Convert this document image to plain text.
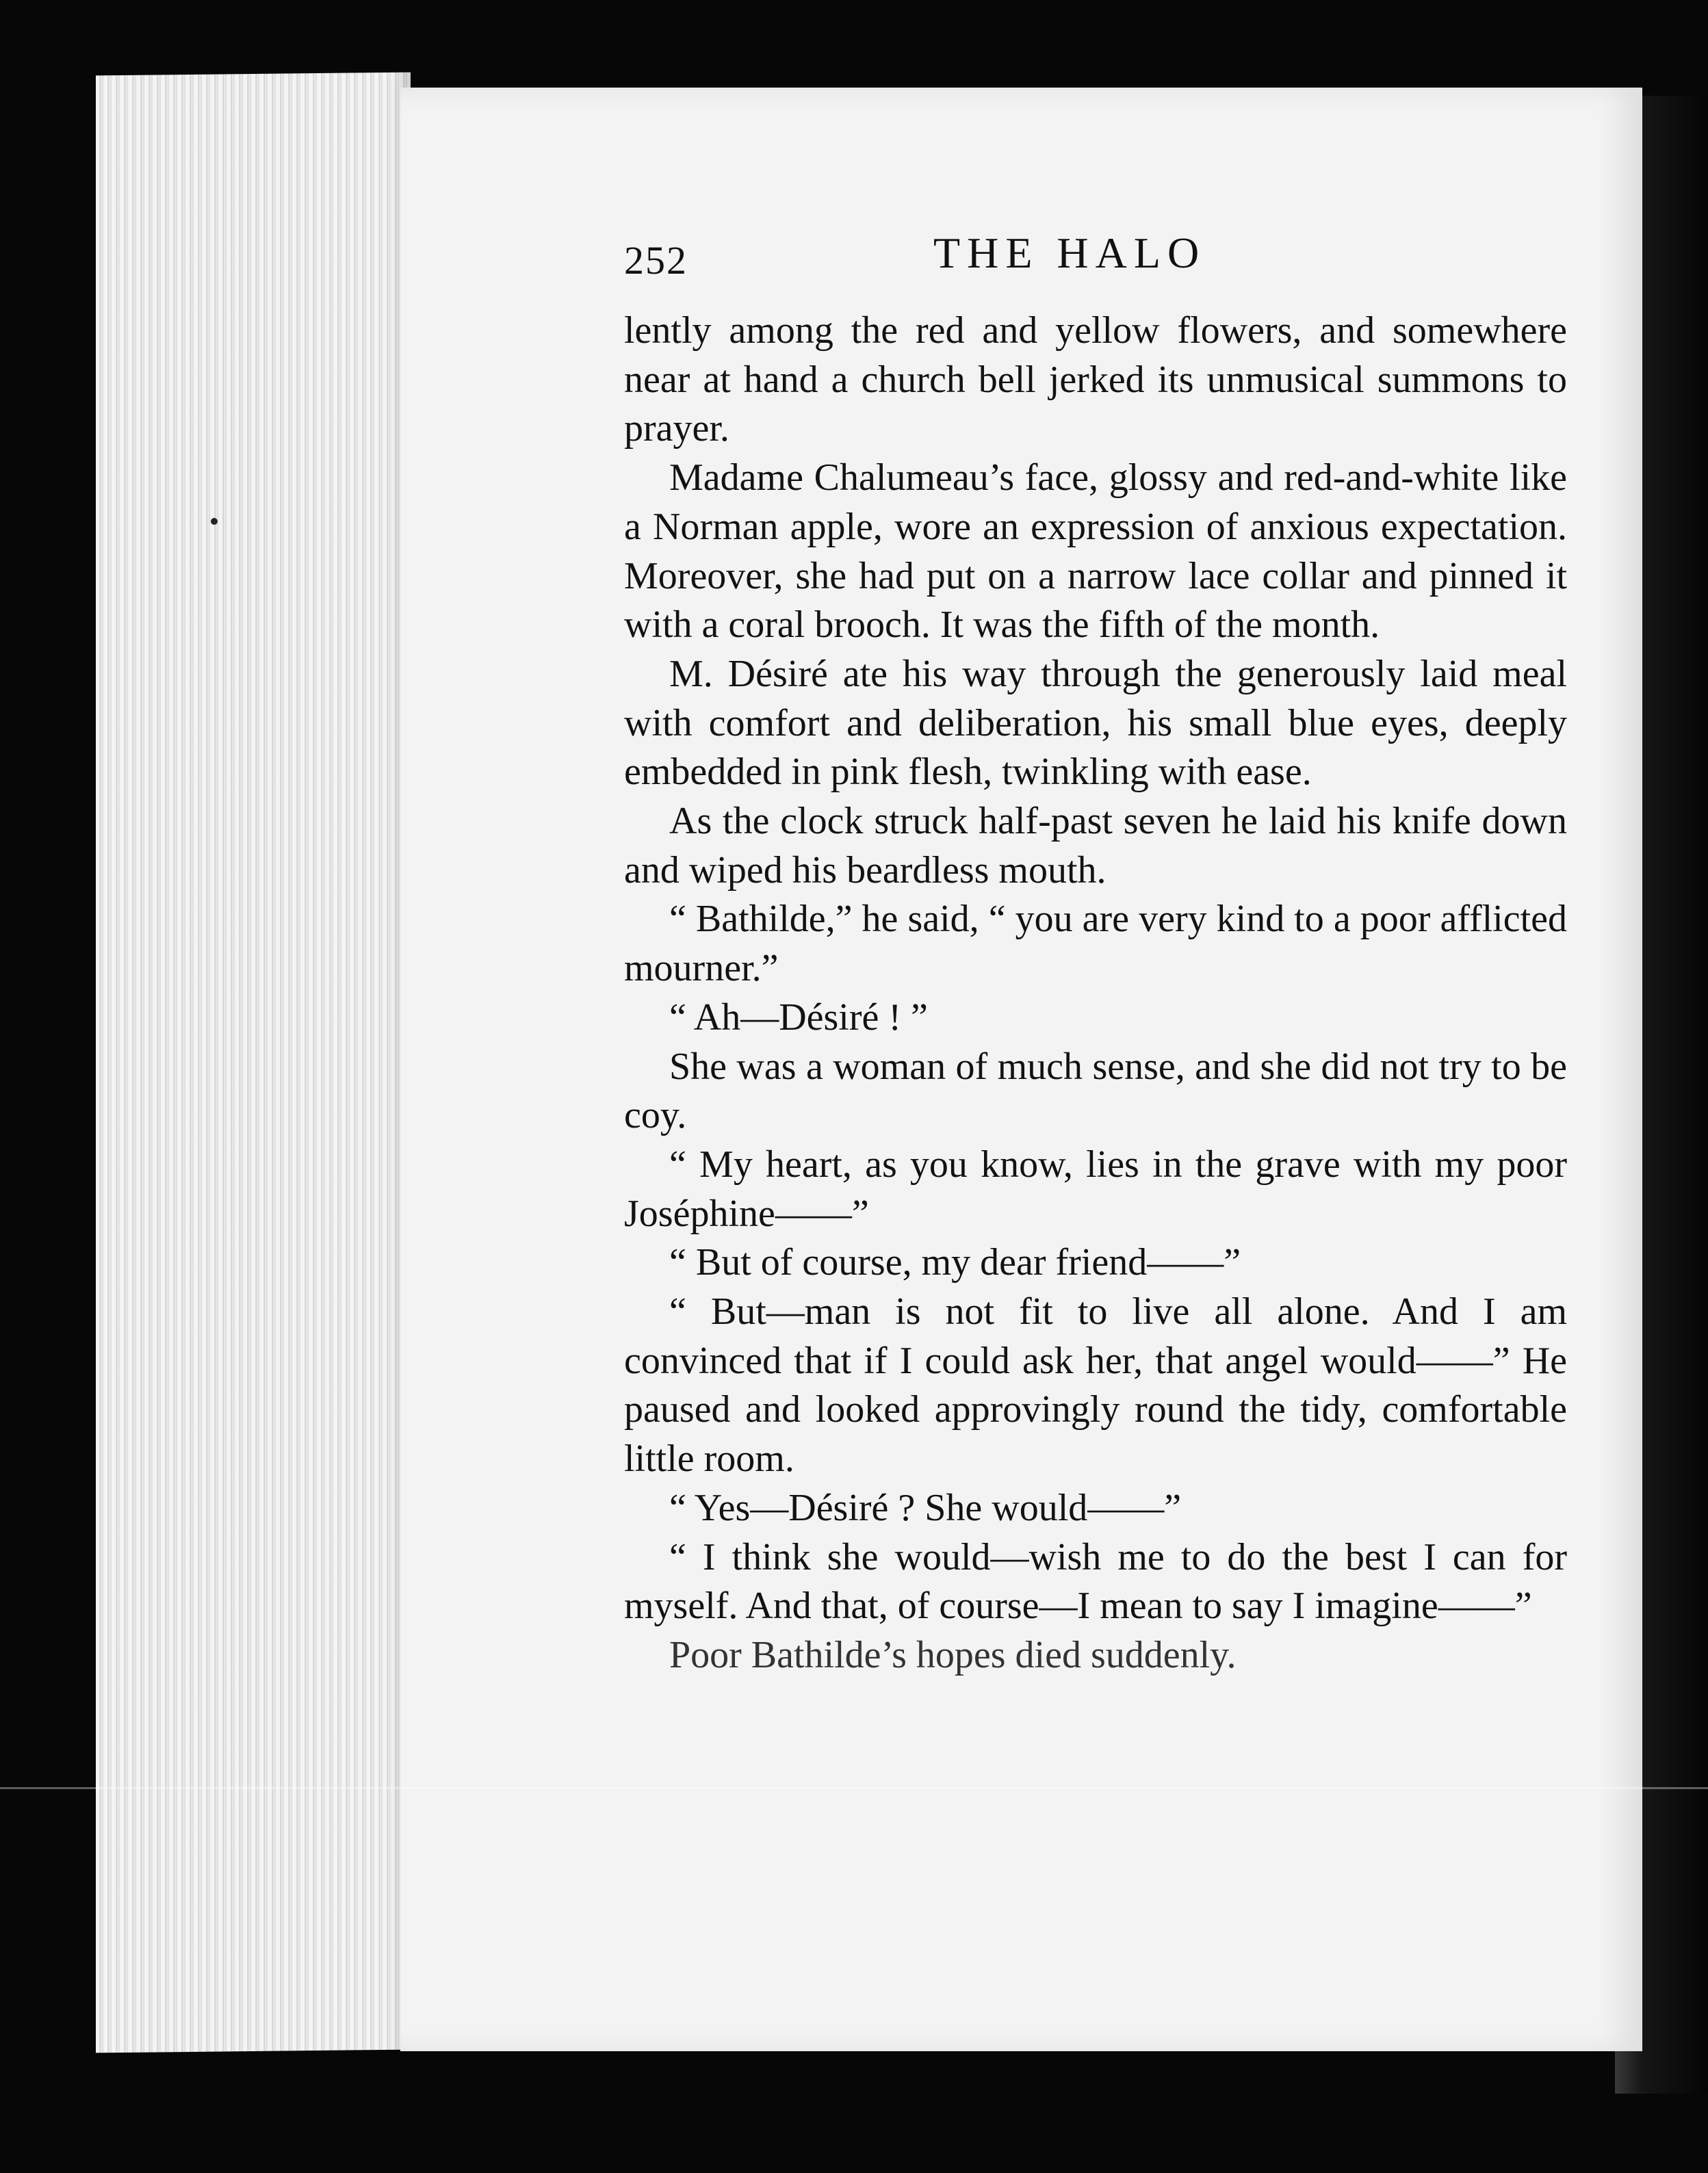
252	THE HALO

lently among the red and yellow flowers, and somewhere near at hand a church bell jerked its unmusical summons to prayer.

Madame Chalumeau’s face, glossy and red-and-white like a Norman apple, wore an expression of anxious expectation. Moreover, she had put on a narrow lace collar and pinned it with a coral brooch. It was the fifth of the month.

M. Désiré ate his way through the generously laid meal with comfort and deliberation, his small blue eyes, deeply embedded in pink flesh, twinkling with ease.

As the clock struck half-past seven he laid his knife down and wiped his beardless mouth.

“ Bathilde,” he said, “ you are very kind to a poor afflicted mourner.”

“ Ah—Désiré ! ”

She was a woman of much sense, and she did not try to be coy.

“ My heart, as you know, lies in the grave with my poor Joséphine——”

“ But of course, my dear friend——”

“ But—man is not fit to live all alone. And I am convinced that if I could ask her, that angel would——” He paused and looked approvingly round the tidy, comfortable little room.

“ Yes—Désiré ? She would——”

“ I think she would—wish me to do the best I can for myself. And that, of course—I mean to say I imagine——”

Poor Bathilde’s hopes died suddenly.
